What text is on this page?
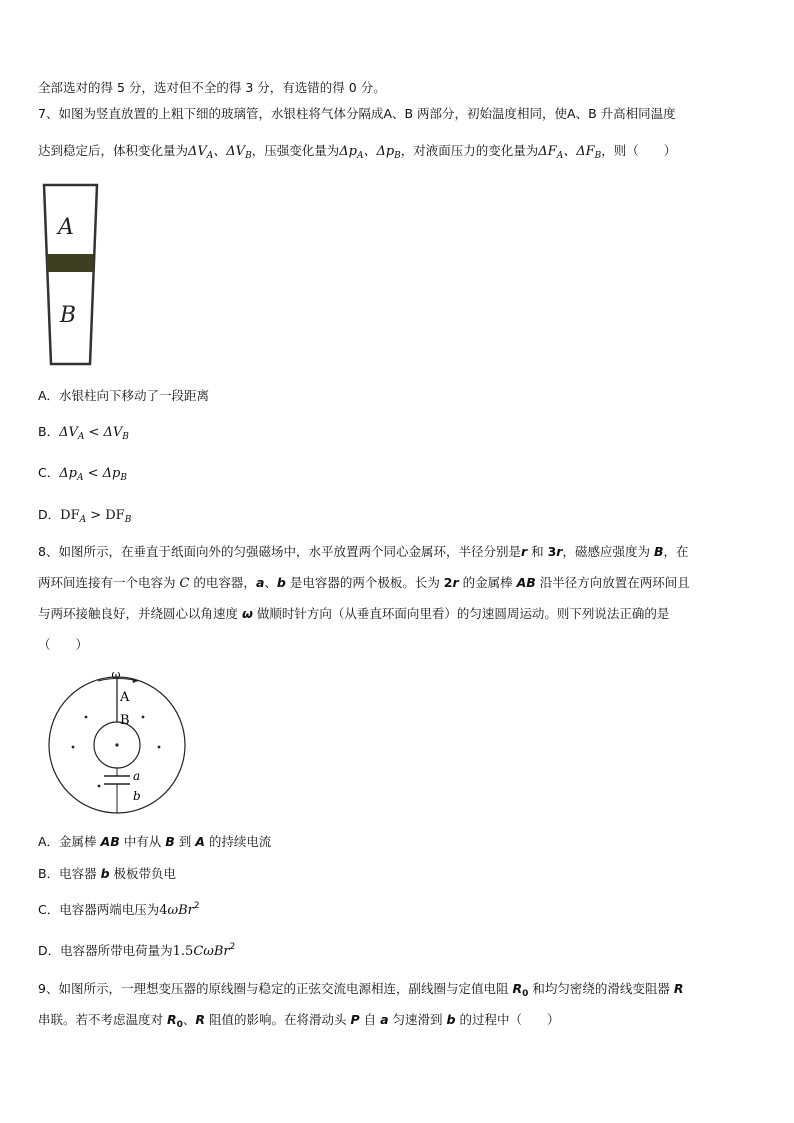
全部选对的得 5 分，选对但不全的得 3 分，有选错的得 0 分。
7、如图为竖直放置的上粗下细的玻璃管，水银柱将气体分隔成A、B 两部分，初始温度相同，使A、B 升高相同温度
达到稳定后，体积变化量为$\Delta V_A$、$\Delta V_B$，压强变化量为$\Delta p_A$、$\Delta p_B$，对液面压力的变化量为$\Delta F_A$、$\Delta F_B$，则（　　）
A
B
A．水银柱向下移动了一段距离
B．$\Delta V_A < \Delta V_B$
C．$\Delta p_A < \Delta p_B$
D．$DF_A > DF_B$
8、如图所示，在垂直于纸面向外的匀强磁场中，水平放置两个同心金属环，半径分别是r 和 3r，磁感应强度为 B，在
两环间连接有一个电容为 C 的电容器，a、b 是电容器的两个极板。长为 2r 的金属棒 AB 沿半径方向放置在两环间且
与两环接触良好，并绕圆心以角速度 ω 做顺时针方向（从垂直环面向里看）的匀速圆周运动。则下列说法正确的是
（　　）
ω
A
B
a
b
A．金属棒 AB 中有从 B 到 A 的持续电流
B．电容器 b 极板带负电
C．电容器两端电压为4ωBr$^2$
D．电容器所带电荷量为1.5CωBr$^2$
9、如图所示，一理想变压器的原线圈与稳定的正弦交流电源相连，副线圈与定值电阻 $R_0$ 和均匀密绕的滑线变阻器 R
串联。若不考虑温度对 $R_0$、R 阻值的影响。在将滑动头 P 自 a 匀速滑到 b 的过程中（　　）
